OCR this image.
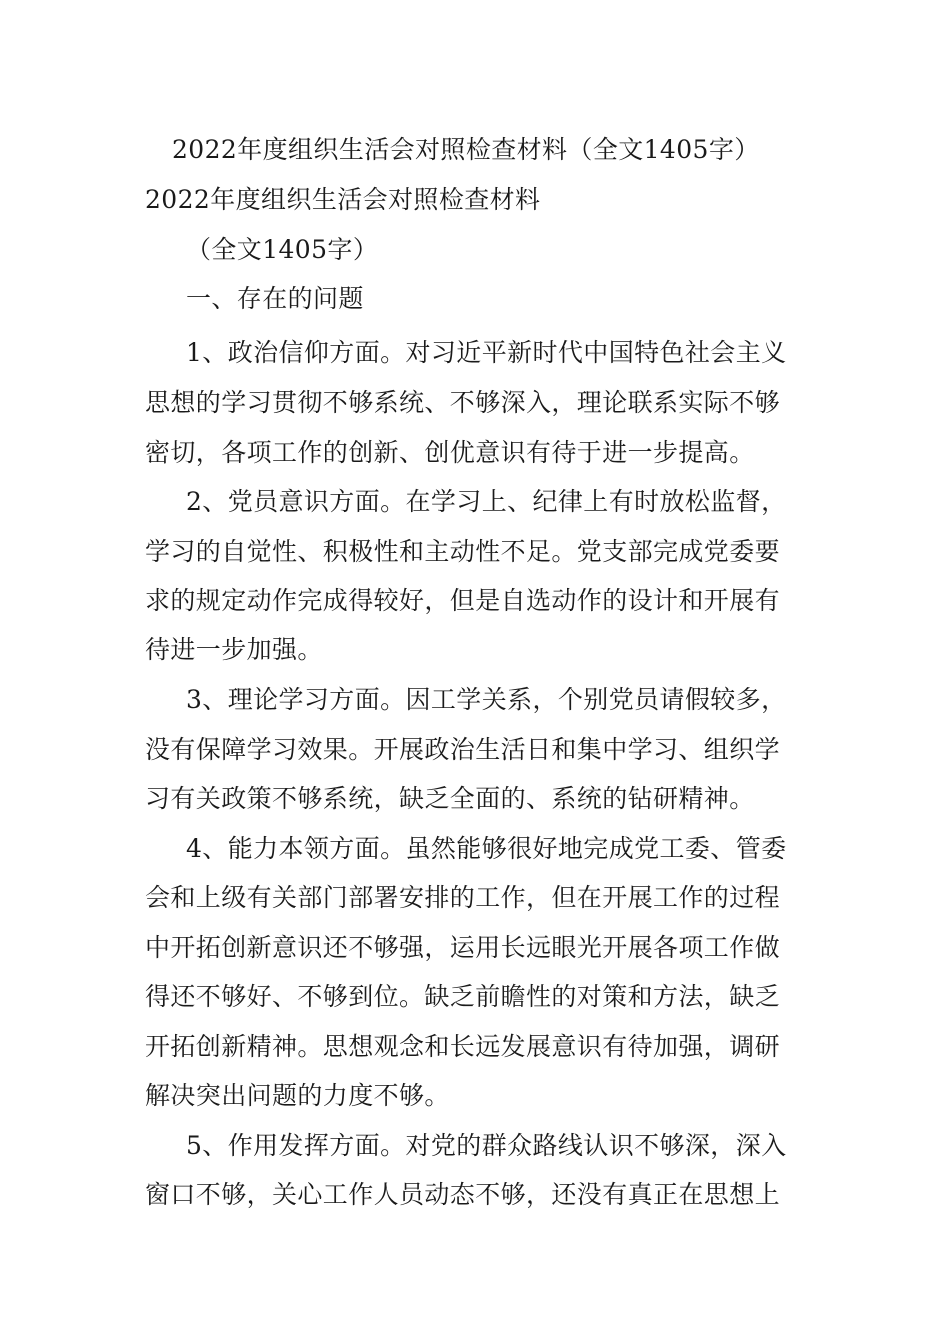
2022年度组织生活会对照检查材料（全文1405字）
2022年度组织生活会对照检查材料
（全文1405字）
一、存在的问题
1、政治信仰方面。对习近平新时代中国特色社会主义
思想的学习贯彻不够系统、不够深入，理论联系实际不够
密切，各项工作的创新、创优意识有待于进一步提高。
2、党员意识方面。在学习上、纪律上有时放松监督，
学习的自觉性、积极性和主动性不足。党支部完成党委要
求的规定动作完成得较好，但是自选动作的设计和开展有
待进一步加强。
3、理论学习方面。因工学关系，个别党员请假较多，
没有保障学习效果。开展政治生活日和集中学习、组织学
习有关政策不够系统，缺乏全面的、系统的钻研精神。
4、能力本领方面。虽然能够很好地完成党工委、管委
会和上级有关部门部署安排的工作，但在开展工作的过程
中开拓创新意识还不够强，运用长远眼光开展各项工作做
得还不够好、不够到位。缺乏前瞻性的对策和方法，缺乏
开拓创新精神。思想观念和长远发展意识有待加强，调研
解决突出问题的力度不够。
5、作用发挥方面。对党的群众路线认识不够深，深入
窗口不够，关心工作人员动态不够，还没有真正在思想上
